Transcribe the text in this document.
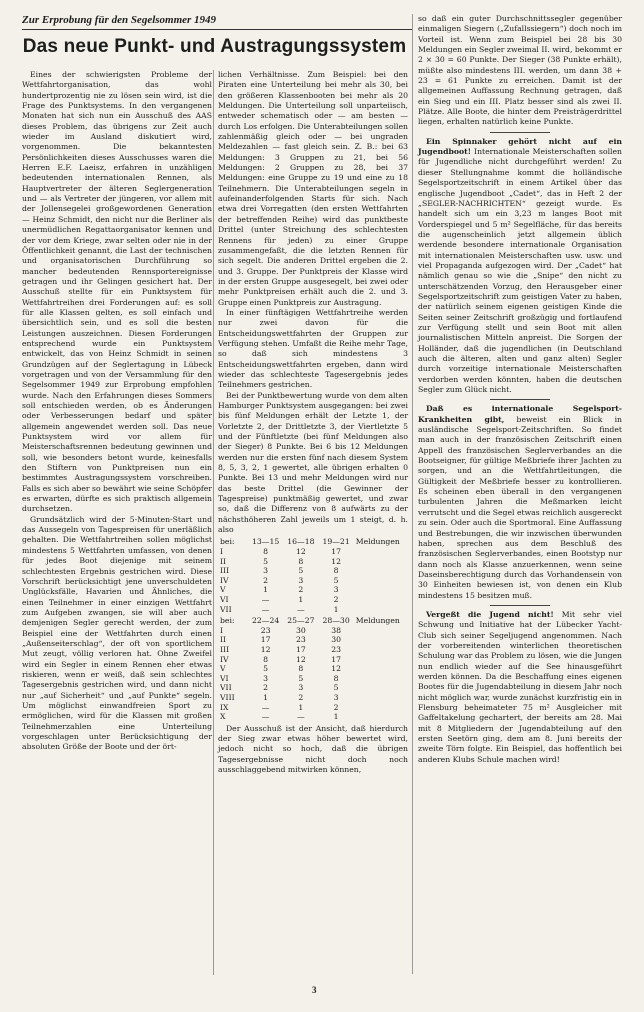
Zur Erprobung für den Segelsommer 1949
Das neue Punkt- und Austragungssystem

Eines der schwierigsten Probleme der Wettfahrtorganisation, das wohl hundertprozentig nie zu lösen sein wird, ist die Frage des Punktsystems. In den vergangenen Monaten hat sich nun ein Ausschuß des AAS dieses Problem, das übrigens zur Zeit auch wieder im Ausland diskutiert wird, vorgenommen. Die bekanntesten Persönlichkeiten dieses Ausschusses waren die Herren E.F. Laeisz, erfahren in unzähligen bedeutenden internationalen Rennen, als Hauptvertreter der älteren Seglergeneration und — als Vertreter der jüngeren, vor allem mit der Jollensegelei großgewordenen Generation — Heinz Schmidt, den nicht nur die Berliner als unermüdlichen Regattaorganisator kennen und der vor dem Kriege, zwar selten oder nie in der Öffentlichkeit genannt, die Last der technischen und organisatorischen Durchführung so mancher bedeutenden Rennsportereignisse getragen und ihr Gelingen gesichert hat. Der Ausschuß stellte für ein Punktsystem für Wettfahrtreihen drei Forderungen auf: es soll für alle Klassen gelten, es soll einfach und übersichtlich sein, und es soll die besten Leistungen auszeichnen. Diesen Forderungen entsprechend wurde ein Punktsystem entwickelt, das von Heinz Schmidt in seinen Grundzügen auf der Seglertagung in Lübeck vorgetragen und von der Versammlung für den Segelsommer 1949 zur Erprobung empfohlen wurde. Nach den Erfahrungen dieses Sommers soll entschieden werden, ob es Änderungen oder Verbesserungen bedarf und später allgemein angewendet werden soll. Das neue Punktsystem wird vor allem für Meisterschaftsrennen bedeutung gewinnen und soll, wie besonders betont wurde, keinesfalls den Stiftern von Punktpreisen nun ein bestimmtes Austragungssystem vorschreiben. Falls es sich aber so bewährt wie seine Schöpfer es erwarten, dürfte es sich praktisch allgemein durchsetzen.

Grundsätzlich wird der 5-Minuten-Start und das Aussegeln von Tagespreisen für unerläßlich gehalten. Die Wettfahrtreihen sollen möglichst mindestens 5 Wettfahrten umfassen, von denen für jedes Boot diejenige mit seinem schlechtesten Ergebnis gestrichen wird. Diese Vorschrift berücksichtigt jene unverschuldeten Unglücksfälle, Havarien und Ähnliches, die einen Teilnehmer in einer einzigen Wettfahrt zum Aufgeben zwangen, sie will aber auch demjenigen Segler gerecht werden, der zum Beispiel eine der Wettfahrten durch einen „Außenseiterschlag“, der oft von sportlichem Mut zeugt, völlig verloren hat. Ohne Zweifel wird ein Segler in einem Rennen eher etwas riskieren, wenn er weiß, daß sein schlechtes Tagesergebnis gestrichen wird, und dann nicht nur „auf Sicherheit“ und „auf Punkte“ segeln. Um möglichst einwandfreien Sport zu ermöglichen, wird für die Klassen mit großen Teilnehmerzahlen eine Unterteilung vorgeschlagen unter Berücksichtigung der absoluten Größe der Boote und der ört-

lichen Verhältnisse. Zum Beispiel: bei den Piraten eine Unterteilung bei mehr als 30, bei den größeren Klassenbooten bei mehr als 20 Meldungen. Die Unterteilung soll unparteiisch, entweder schematisch oder — am besten — durch Los erfolgen. Die Unterabteilungen sollen zahlenmäßig gleich oder — bei ungraden Meldezahlen — fast gleich sein. Z. B.: bei 63 Meldungen: 3 Gruppen zu 21, bei 56 Meldungen: 2 Gruppen zu 28, bei 37 Meldungen: eine Gruppe zu 19 und eine zu 18 Teilnehmern. Die Unterabteilungen segeln in aufeinanderfolgenden Starts für sich. Nach etwa drei Vorregatten (den ersten Wettfahrten der betreffenden Reihe) wird das punktbeste Drittel (unter Streichung des schlechtesten Rennens für jeden) zu einer Gruppe zusammengefaßt, die die letzten Rennen für sich segelt. Die anderen Drittel ergeben die 2. und 3. Gruppe. Der Punktpreis der Klasse wird in der ersten Gruppe ausgesegelt, bei zwei oder mehr Punktpreisen erhält auch die 2. und 3. Gruppe einen Punktpreis zur Austragung.

In einer fünftägigen Wettfahrtreihe werden nur zwei davon für die Entscheidungswettfahrten der Gruppen zur Verfügung stehen. Umfaßt die Reihe mehr Tage, so daß sich mindestens 3 Entscheidungswettfahrten ergeben, dann wird wieder das schlechteste Tagesergebnis jedes Teilnehmers gestrichen.

Bei der Punktbewertung wurde von dem alten Hamburger Punktsystem ausgegangen: bei zwei bis fünf Meldungen erhält der Letzte 1, der Vorletzte 2, der Drittletzte 3, der Viertletzte 5 und der Fünftletzte (bei fünf Meldungen also der Sieger) 8 Punkte. Bei 6 bis 12 Meldungen werden nur die ersten fünf nach diesem System 8, 5, 3, 2, 1 gewertet, alle übrigen erhalten 0 Punkte. Bei 13 und mehr Meldungen wird nur das beste Drittel (die Gewinner der Tagespreise) punktmäßig gewertet, und zwar so, daß die Differenz von 8 aufwärts zu der nächsthöheren Zahl jeweils um 1 steigt, d. h. also

bei:	13—15	16—18	19—21	Meldungen
I	8	12	17	
II	5	8	12	
III	3	5	8	
IV	2	3	5	
V	1	2	3	
VI	—	1	2	
VII	—	—	1	
bei:	22—24	25—27	28—30	Meldungen
I	23	30	38	
II	17	23	30	
III	12	17	23	
IV	8	12	17	
V	5	8	12	
VI	3	5	8	
VII	2	3	5	
VIII	1	2	3	
IX	—	1	2	
X	—	—	1	

Der Ausschuß ist der Ansicht, daß hierdurch der Sieg zwar etwas höher bewertet wird, jedoch nicht so hoch, daß die übrigen Tagesergebnisse nicht doch noch ausschlaggebend mitwirken können,

so daß ein guter Durchschnittssegler gegenüber einmaligen Siegern („Zufallssiegern“) doch noch im Vorteil ist. Wenn zum Beispiel bei 28 bis 30 Meldungen ein Segler zweimal II. wird, bekommt er 2 × 30 = 60 Punkte. Der Sieger (38 Punkte erhält), müßte also mindestens III. werden, um dann 38 + 23 = 61 Punkte zu erreichen. Damit ist der allgemeinen Auffassung Rechnung getragen, daß ein Sieg und ein III. Platz besser sind als zwei II. Plätze. Alle Boote, die hinter dem Preisträgerdrittel liegen, erhalten natürlich keine Punkte.

Ein Spinnaker gehört nicht auf ein Jugendboot! Internationale Meisterschaften sollen für Jugendliche nicht durchgeführt werden! Zu dieser Stellungnahme kommt die holländische Segelsportzeitschrift in einem Artikel über das englische Jugendboot „Cadet“, das in Heft 2 der „SEGLER-NACHRICHTEN“ gezeigt wurde. Es handelt sich um ein 3,23 m langes Boot mit Vorderspiegel und 5 m² Segelfläche, für das bereits die augenscheinlich jetzt allgemein üblich werdende besondere internationale Organisation mit internationalen Meisterschaften usw. usw. und viel Propaganda aufgezogen wird. Der „Cadet“ hat nämlich genau so wie die „Snipe“ den nicht zu unterschätzenden Vorzug, den Herausgeber einer Segelsportzeitschrift zum geistigen Vater zu haben, der natürlich seinem eigenen geistigen Kinde die Seiten seiner Zeitschrift großzügig und fortlaufend zur Verfügung stellt und sein Boot mit allen journalistischen Mitteln anpreist. Die Sorgen der Holländer, daß die jugendlichen (in Deutschland auch die älteren, alten und ganz alten) Segler durch vorzeitige internationale Meisterschaften verdorben werden könnten, haben die deutschen Segler zum Glück nicht.

Daß es internationale Segelsport-Krankheiten gibt, beweist ein Blick in ausländische Segelsport-Zeitschriften. So findet man auch in der französischen Zeitschrift einen Appell des französischen Seglerverbandes an die Bootseigner, für gültige Meßbriefe ihrer Jachten zu sorgen, und an die Wettfahrtleitungen, die Gültigkeit der Meßbriefe besser zu kontrollieren. Es scheinen eben überall in den vergangenen turbulenten Jahren die Meßmarken leicht verrutscht und die Segel etwas reichlich ausgereckt zu sein. Oder auch die Sportmoral. Eine Auffassung und Bestrebungen, die wir inzwischen überwunden haben, sprechen aus dem Beschluß des französischen Seglerverbandes, einen Bootstyp nur dann noch als Klasse anzuerkennen, wenn seine Daseinsberechtigung durch das Vorhandensein von 30 Einheiten bewiesen ist, von denen ein Klub mindestens 15 besitzen muß.

Vergeßt die Jugend nicht! Mit sehr viel Schwung und Initiative hat der Lübecker Yacht-Club sich seiner Segeljugend angenommen. Nach der vorbereitenden winterlichen theoretischen Schulung war das Problem zu lösen, wie die Jungen nun endlich wieder auf die See hinausgeführt werden können. Da die Beschaffung eines eigenen Bootes für die Jugendabteilung in diesem Jahr noch nicht möglich war, wurde zunächst kurzfristig ein in Flensburg beheimateter 75 m² Ausgleicher mit Gaffeltakelung gechartert, der bereits am 28. Mai mit 8 Mitgliedern der Jugendabteilung auf den ersten Seetörn ging, dem am 8. Juni bereits der zweite Törn folgte. Ein Beispiel, das hoffentlich bei anderen Klubs Schule machen wird!

3
